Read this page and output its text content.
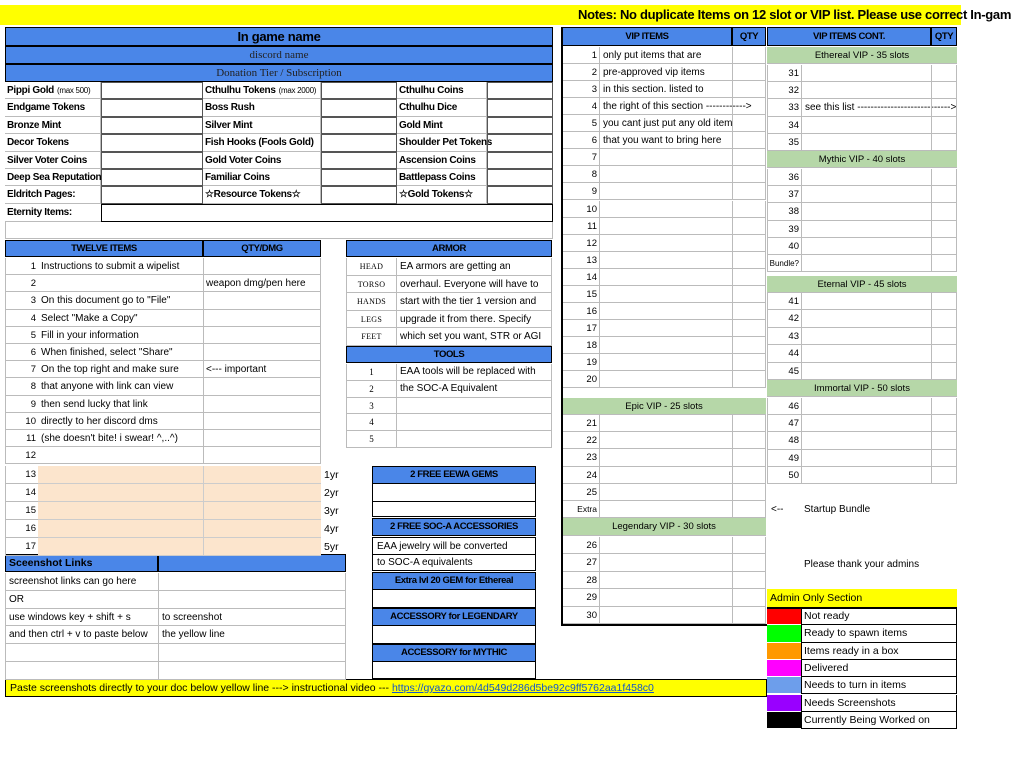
Notes: No duplicate Items on 12 slot or VIP list. Please use correct In-gam
In game name
discord name
Donation Tier / Subscription
Eternity Items:
TWELVE ITEMS	QTY/DMG	ARMOR
TOOLS
2 FREE EEWA GEMS
2 FREE SOC-A ACCESSORIES
EAA jewelry will be converted
to SOC-A equivalents
Extra lvl 20 GEM for Ethereal
ACCESSORY for LEGENDARY
ACCESSORY for MYTHIC
Sceenshot Links
Paste screenshots directly to your doc below yellow line ---> instructional video --- https://gyazo.com/4d549d286d5be92c9ff5762aa1f458c0
VIP ITEMS	QTY	VIP ITEMS CONT.	QTY
<--	Startup Bundle
Please thank your admins
Admin Only Section
Pippi Gold (max 500)	Cthulhu Tokens (max 2000)	Cthulhu Coins
Endgame Tokens	Boss Rush	Cthulhu Dice
Bronze Mint	Silver Mint	Gold Mint
Decor Tokens	Fish Hooks (Fools Gold)	Shoulder Pet Tokens
Silver Voter Coins	Gold Voter Coins	Ascension Coins
Deep Sea Reputation	Familiar Coins	Battlepass Coins
Eldritch Pages:	☆Resource Tokens☆	☆Gold Tokens☆
1 Instructions to submit a wipelist
2	weapon dmg/pen here
3 On this document go to "File"
4 Select "Make a Copy"
5 Fill in your information
6 When finished, select "Share"
7 On the top right and make sure	<--- important
8 that anyone with link can view
9 then send lucky that link
10 directly to her discord dms
11 (she doesn't bite! i swear! ^,..^)
12
13	1yr
14	2yr
15	3yr
16	4yr
17	5yr
HEAD	EA armors are getting an
TORSO	overhaul. Everyone will have to
HANDS	start with the tier 1 version and
LEGS	upgrade it from there. Specify
FEET	which set you want, STR or AGI
1	EAA tools will be replaced with
2	the SOC-A Equivalent
3
4
5
screenshot links can go here
OR
use windows key + shift + s	to screenshot
and then ctrl + v to paste below	the yellow line
1 only put items that are
2 pre-approved vip items
3 in this section. listed to
4 the right of this section ------------>
5 you cant just put any old item
6 that you want to bring here
7
8
9
10
11
12
13
14
15
16
17
18
19
20
Epic VIP - 25 slots
21
22
23
24
25
Extra
Legendary VIP - 30 slots
26
27
28
29
30
Ethereal VIP - 35 slots
31
32
33 see this list ---------------------------->
34
35
Mythic VIP - 40 slots
36
37
38
39
40
Bundle?
Eternal VIP - 45 slots
41
42
43
44
45
Immortal VIP - 50 slots
46
47
48
49
50
Not ready
Ready to spawn items
Items ready in a box
Delivered
Needs to turn in items
Needs Screenshots
Currently Being Worked on
